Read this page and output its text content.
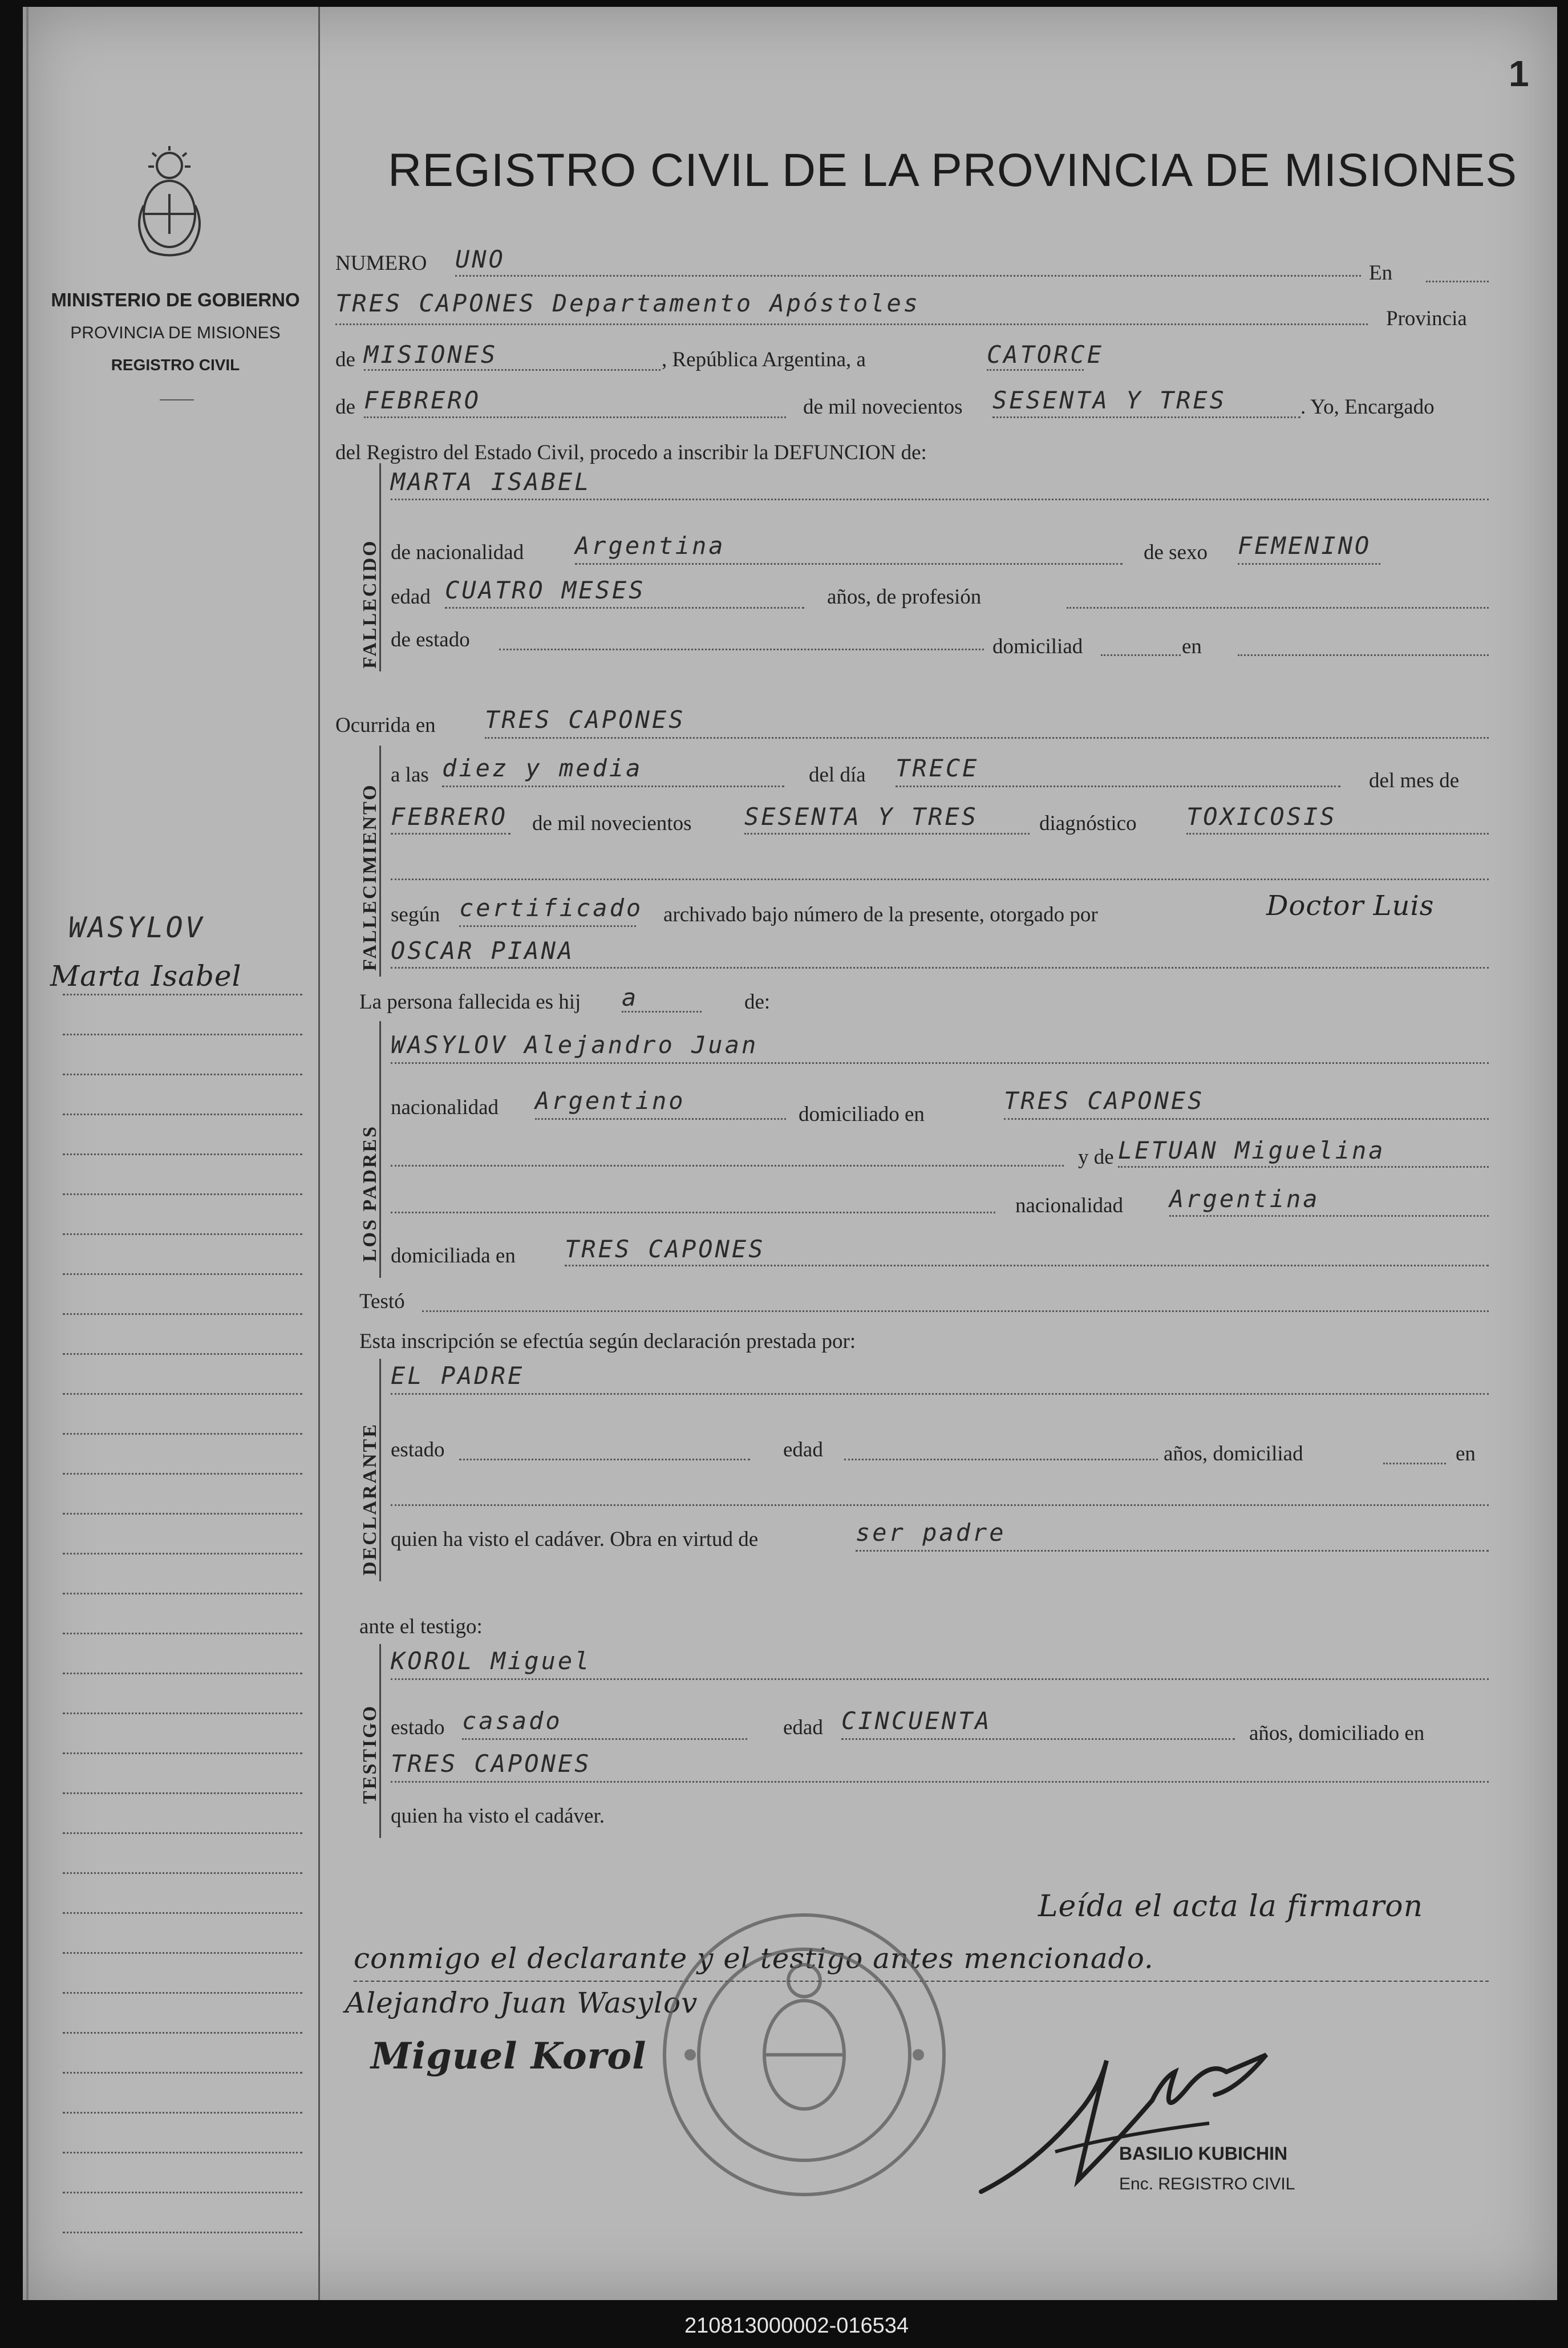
MINISTERIO DE GOBIERNO
PROVINCIA DE MISIONES
REGISTRO CIVIL
WASYLOV
Marta Isabel
1
REGISTRO CIVIL DE LA PROVINCIA DE MISIONES
NUMERO UNO	En
TRES CAPONES Departamento Apóstoles
Provincia
de MISIONES	, República Argentina, a	CATORCE
de FEBRERO	de mil novecientos SESENTA Y TRES	. Yo, Encargado
del Registro del Estado Civil, procedo a inscribir la DEFUNCION de:
FALLECIDO
MARTA ISABEL
de nacionalidad Argentina	de sexo FEMENINO
edad CUATRO MESES	años, de profesión
de estado	domiciliad	en
Ocurrida en TRES CAPONES
FALLECIMIENTO
a las diez y media	del día TRECE	del mes de
FEBRERO de mil novecientos SESENTA Y TRES	diagnóstico TOXICOSIS
según certificado archivado bajo número de la presente, otorgado por	Doctor Luis
OSCAR PIANA
La persona fallecida es hij a	de:
LOS PADRES
WASYLOV Alejandro Juan
nacionalidad Argentino	domiciliado en	TRES CAPONES
y de LETUAN Miguelina
nacionalidad Argentina
domiciliada en TRES CAPONES
Testó
Esta inscripción se efectúa según declaración prestada por:
DECLARANTE
EL PADRE
estado	edad	años, domiciliad	en
quien ha visto el cadáver. Obra en virtud de	ser padre
ante el testigo:
TESTIGO
KOROL Miguel
estado casado	edad CINCUENTA	años, domiciliado en
TRES CAPONES
quien ha visto el cadáver.
Leída el acta la firmaron
conmigo el declarante y el testigo antes mencionado.
Alejandro Juan Wasylov
Miguel Korol
BASILIO KUBICHIN
Enc. REGISTRO CIVIL
210813000002-016534
